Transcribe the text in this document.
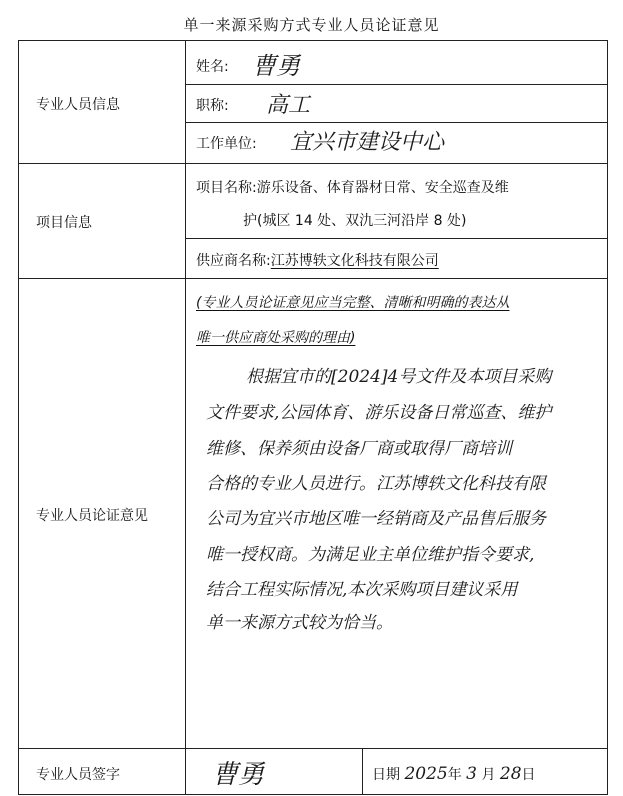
单一来源采购方式专业人员论证意见
专业人员信息
姓名: 曹勇
职称: 高工
工作单位: 宜兴市建设中心
项目信息
项目名称:游乐设备、体育器材日常、安全巡查及维
护(城区 14 处、双氿三河沿岸 8 处)
供应商名称:江苏博轶文化科技有限公司
专业人员论证意见
(专业人员论证意见应当完整、清晰和明确的表达从
唯一供应商处采购的理由)
根据宜市的[2024]4号文件及本项目采购
文件要求,公园体育、游乐设备日常巡查、维护
维修、保养须由设备厂商或取得厂商培训
合格的专业人员进行。江苏博轶文化科技有限
公司为宜兴市地区唯一经销商及产品售后服务
唯一授权商。为满足业主单位维护指令要求,
结合工程实际情况,本次采购项目建议采用
单一来源方式较为恰当。
专业人员签字	曹勇	日期 2025年 3 月 28日
